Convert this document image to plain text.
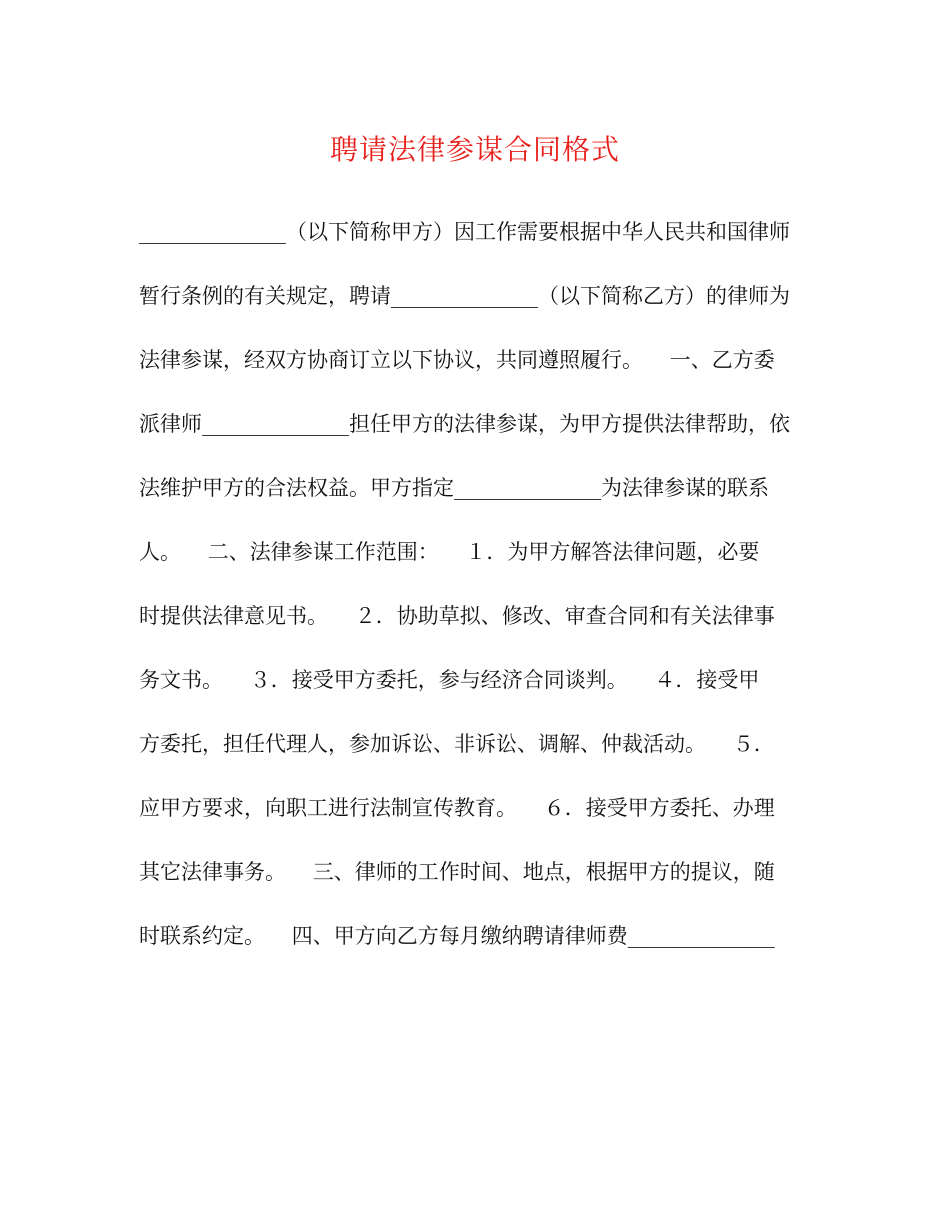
聘请法律参谋合同格式
______________（以下简称甲方）因工作需要根据中华人民共和国律师
暂行条例的有关规定，聘请______________（以下简称乙方）的律师为
法律参谋，经双方协商订立以下协议，共同遵照履行。    一、乙方委
派律师______________担任甲方的法律参谋，为甲方提供法律帮助，依
法维护甲方的合法权益。甲方指定______________为法律参谋的联系
人。    二、法律参谋工作范围：    １．为甲方解答法律问题，必要
时提供法律意见书。    ２．协助草拟、修改、审查合同和有关法律事
务文书。    ３．接受甲方委托，参与经济合同谈判。    ４．接受甲
方委托，担任代理人，参加诉讼、非诉讼、调解、仲裁活动。    ５．
应甲方要求，向职工进行法制宣传教育。    ６．接受甲方委托、办理
其它法律事务。    三、律师的工作时间、地点，根据甲方的提议，随
时联系约定。    四、甲方向乙方每月缴纳聘请律师费______________
